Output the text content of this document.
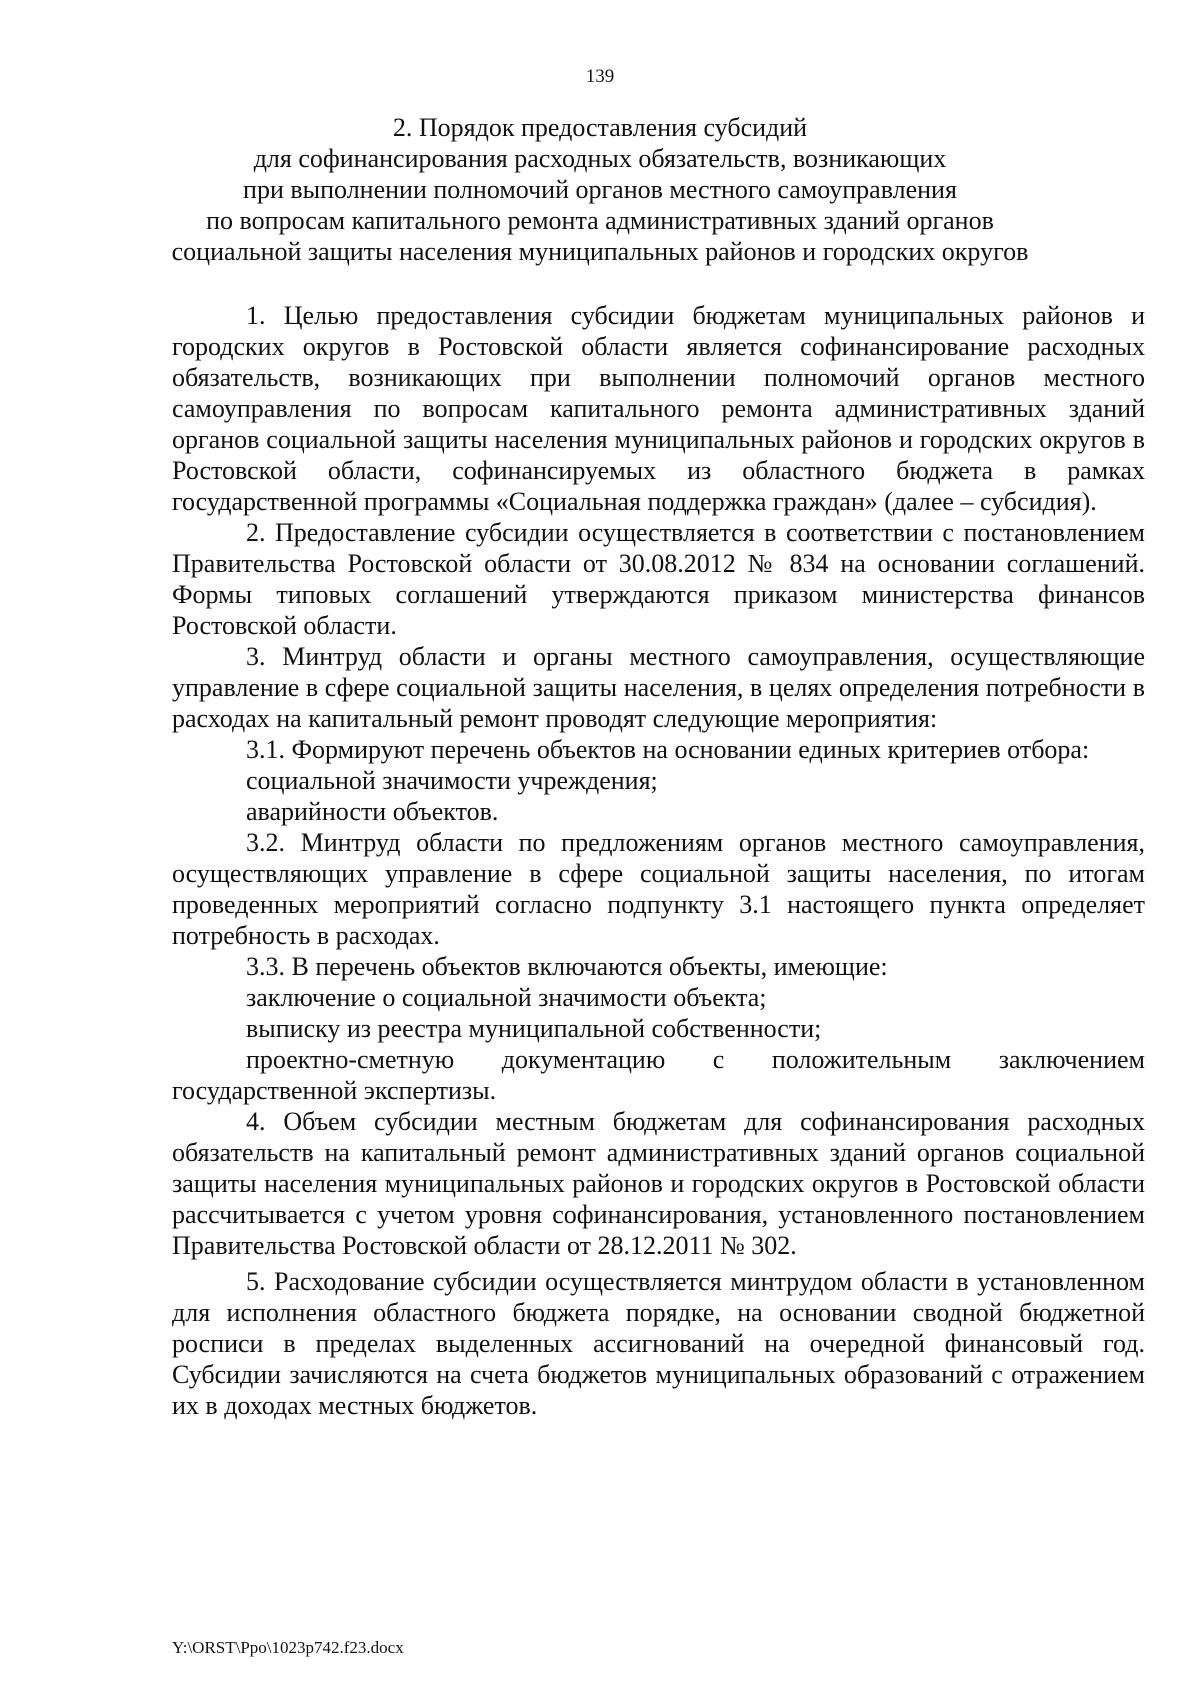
139
2. Порядок предоставления субсидий
для софинансирования расходных обязательств, возникающих
при выполнении полномочий органов местного самоуправления
по вопросам капитального ремонта административных зданий органов
социальной защиты населения муниципальных районов и городских округов

1. Целью предоставления субсидии бюджетам муниципальных районов и городских округов в Ростовской области является софинансирование расходных обязательств, возникающих при выполнении полномочий органов местного самоуправления по вопросам капитального ремонта административных зданий органов социальной защиты населения муниципальных районов и городских округов в Ростовской области, софинансируемых из областного бюджета в рамках государственной программы «Социальная поддержка граждан» (далее – субсидия).

2. Предоставление субсидии осуществляется в соответствии с постановлением Правительства Ростовской области от 30.08.2012 № 834 на основании соглашений. Формы типовых соглашений утверждаются приказом министерства финансов Ростовской области.

3. Минтруд области и органы местного самоуправления, осуществляющие управление в сфере социальной защиты населения, в целях определения потребности в расходах на капитальный ремонт проводят следующие мероприятия:

3.1. Формируют перечень объектов на основании единых критериев отбора:

социальной значимости учреждения;

аварийности объектов.

3.2. Минтруд области по предложениям органов местного самоуправления, осуществляющих управление в сфере социальной защиты населения, по итогам проведенных мероприятий согласно подпункту 3.1 настоящего пункта определяет потребность в расходах.

3.3. В перечень объектов включаются объекты, имеющие:

заключение о социальной значимости объекта;

выписку из реестра муниципальной собственности;

проектно-сметную документацию с положительным заключением государственной экспертизы.

4. Объем субсидии местным бюджетам для софинансирования расходных обязательств на капитальный ремонт административных зданий органов социальной защиты населения муниципальных районов и городских округов в Ростовской области рассчитывается с учетом уровня софинансирования, установленного постановлением Правительства Ростовской области от 28.12.2011 № 302.

5. Расходование субсидии осуществляется минтрудом области в установленном для исполнения областного бюджета порядке, на основании сводной бюджетной росписи в пределах выделенных ассигнований на очередной финансовый год. Субсидии зачисляются на счета бюджетов муниципальных образований с отражением их в доходах местных бюджетов.

Y:\ORST\Ppo\1023p742.f23.docx
